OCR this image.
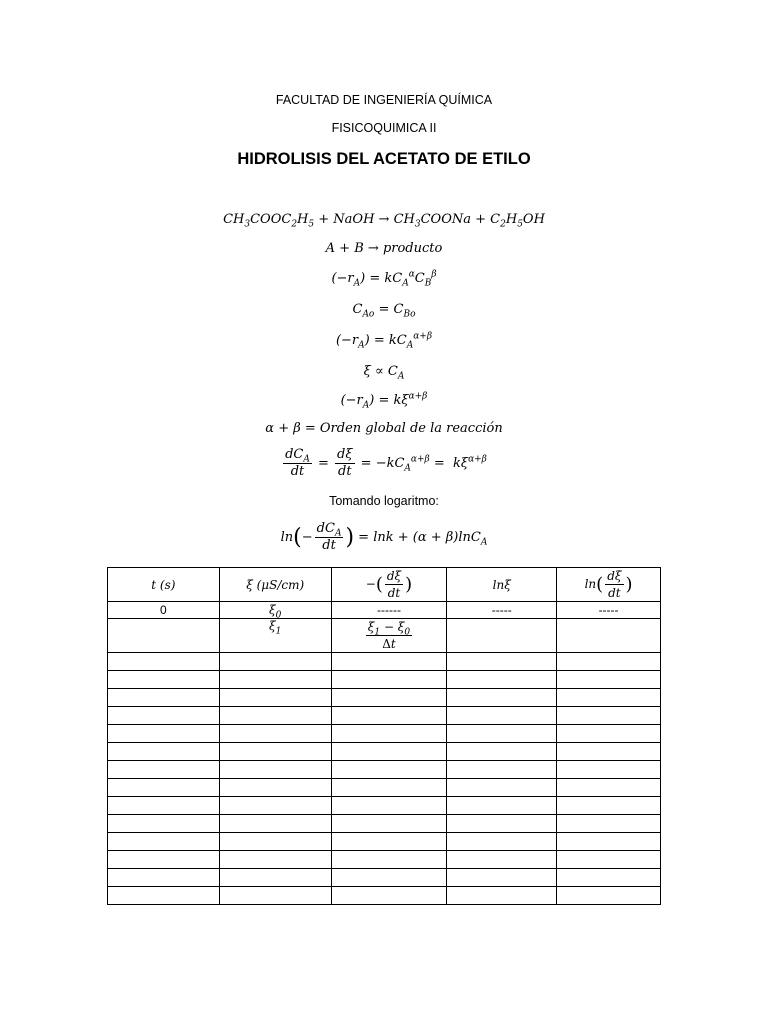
FACULTAD DE INGENIERÍA QUÍMICA
FISICOQUIMICA II
HIDROLISIS DEL ACETATO DE ETILO
$CH_3COOC_2H_5$ + NaOH → $CH_3COONa + C_2H_5OH$
A + B → producto
$(-r_A) = kC_A^\alpha C_B^\beta$
$C_{Ao} = C_{Bo}$
$(-r_A) = kC_A^{\alpha+\beta}$
$\xi \propto C_A$
$(-r_A) = k\xi^{\alpha+\beta}$
α + β = Orden global de la reacción
$\frac{dC_A}{dt} = \frac{d\xi}{dt} = -kC_A^{\alpha+\beta} = k\xi^{\alpha+\beta}$
Tomando logaritmo:
$\ln(- \frac{dC_A}{dt}$ ) = lnk + (α + β)lnC$_A$
t (s)	ξ (μS/cm)	−( $\frac{d\xi}{dt}$ )	lnξ	$\ln( \frac{d\xi}{dt}$ )
0	$\xi_0$	------	-----	-----
	$\xi_1$	$\frac{\xi_1 - \xi_0}{\Delta t}$
